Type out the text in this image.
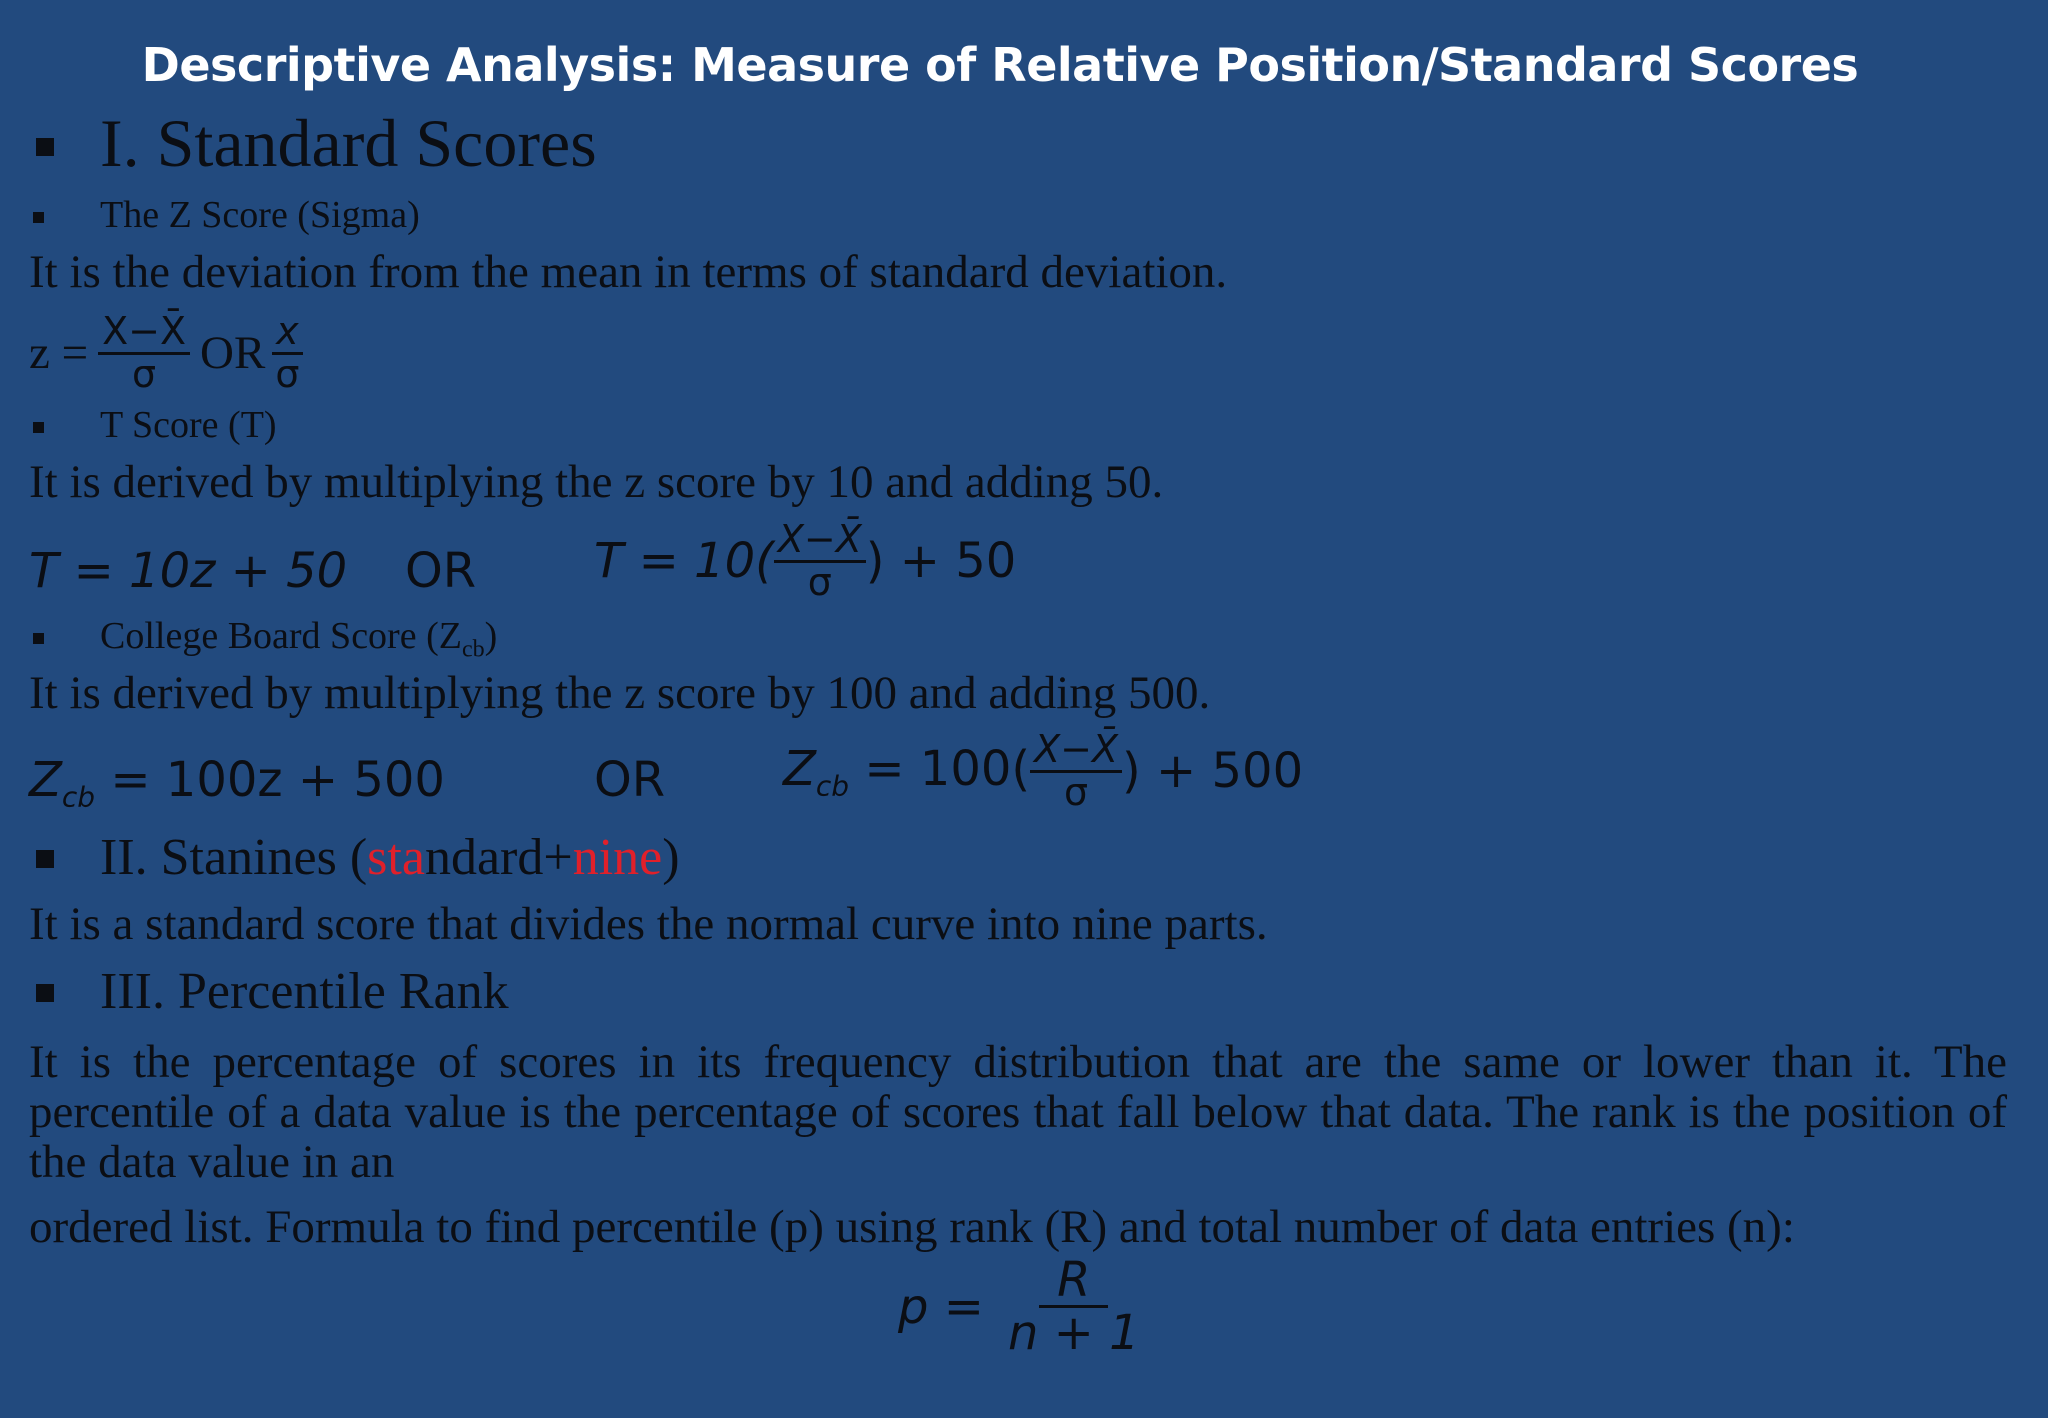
Descriptive Analysis: Measure of Relative Position/Standard Scores
I. Standard Scores
The Z Score (Sigma)
It is the deviation from the mean in terms of standard deviation.
$z = \frac{X-X̄}{\sigma}$ OR $\frac{x}{\sigma}$
T Score (T)
It is derived by multiplying the z score by 10 and adding 50.
T = 10z + 50 OR $T = 10( \frac{X-X̄}{\sigma}$ ) + 50
College Board Score $(Z_{cb})$
It is derived by multiplying the z score by 100 and adding 500.
$Z_{cb} = 100z + 500$	OR $Z_{cb} = 100( \frac{X-X̄}{\sigma}$ ) + 500
II. Stanines (standard+nine)
It is a standard score that divides the normal curve into nine parts.
III. Percentile Rank
It is the percentage of scores in its frequency distribution that are the same or lower than it. The percentile of a data value is the percentage of scores that fall below that data. The rank is the position of the data value in an
ordered list. Formula to find percentile (p) using rank (R) and total number of data entries (n):
$p = \frac{R}{n + 1}$
